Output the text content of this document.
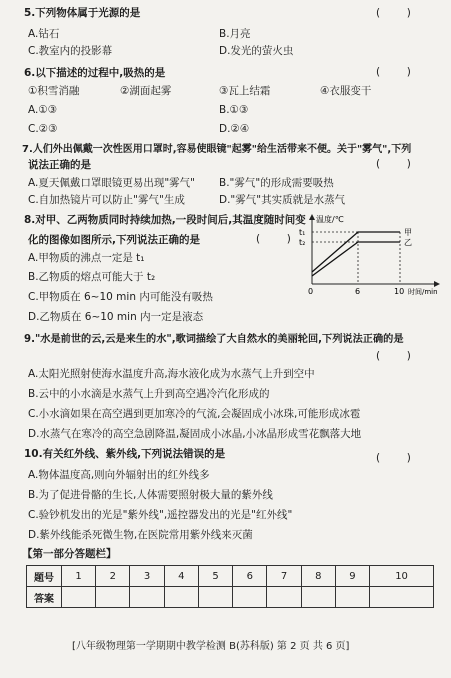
5.下列物体属于光源的是	(        )
A.钻石	B.月亮
C.教室内的投影幕	D.发光的萤火虫
6.以下描述的过程中,吸热的是	(        )
①积雪消融	②湖面起雾	③瓦上结霜	④衣服变干
A.①③	B.①③
C.②③	D.②④
7.人们外出佩戴一次性医用口罩时,容易使眼镜"起雾"给生活带来不便。关于"雾气",下列
说法正确的是	(        )
A.夏天佩戴口罩眼镜更易出现"雾气" B."雾气"的形成需要吸热
C.自加热镜片可以防止"雾气"生成	D."雾气"其实质就是水蒸气
8.对甲、乙两物质同时持续加热,一段时间后,其温度随时间变
化的图像如图所示,下列说法正确的是	(        )
A.甲物质的沸点一定是 t₁
B.乙物质的熔点可能大于 t₂
C.甲物质在 6~10 min 内可能没有吸热
D.乙物质在 6~10 min 内一定是液态
温度/℃
t₁
t₂
甲
乙
0	6	10 时间/min
9."水是前世的云,云是来生的水",歌词描绘了大自然水的美丽轮回,下列说法正确的是
(        )
A.太阳光照射使海水温度升高,海水液化成为水蒸气上升到空中
B.云中的小水滴是水蒸气上升到高空遇冷汽化形成的
C.小水滴如果在高空遇到更加寒冷的气流,会凝固成小冰珠,可能形成冰雹
D.水蒸气在寒冷的高空急剧降温,凝固成小冰晶,小冰晶形成雪花飘落大地
10.有关红外线、紫外线,下列说法错误的是	(        )
A.物体温度高,则向外辐射出的红外线多
B.为了促进骨骼的生长,人体需要照射极大量的紫外线
C.验钞机发出的光是"紫外线",遥控器发出的光是"红外线"
D.紫外线能杀死微生物,在医院常用紫外线来灭菌
【第一部分答题栏】
题号	1	2	3	4	5	6	7	8	9	10
答案										
[八年级物理第一学期期中教学检测 B(苏科版) 第 2 页 共 6 页]
